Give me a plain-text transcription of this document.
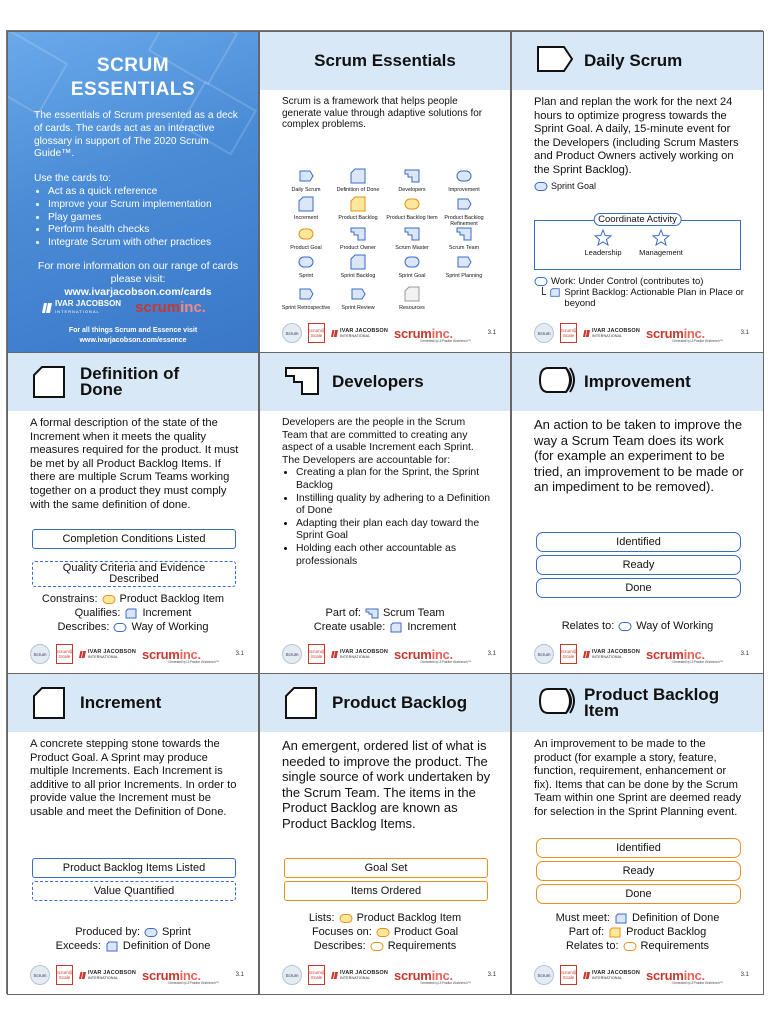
SCRUM
ESSENTIALS
The essentials of Scrum presented as a deck of cards. The cards act as an interactive glossary in support of The 2020 Scrum Guide™.
Use the cards to:
• Act as a quick reference
• Improve your Scrum implementation
• Play games
• Perform health checks
• Integrate Scrum with other practices
For more information on our range of cards please visit:
www.ivarjacobson.com/cards
IVAR JACOBSON
INTERNATIONAL	scruminc.
For all things Scrum and Essence visit
www.ivarjacobson.com/essence
Scrum Essentials
Scrum is a framework that helps people generate value through adaptive solutions for complex problems.
Daily Scrum	Definition of Done	Developers	Improvement
Increment	Product Backlog	Product Backlog Item	Product Backlog Refinement
Product Goal	Product Owner	Scrum Master	Scrum Team
Sprint	Sprint Backlog	Sprint Goal	Sprint Planning
Sprint Retrospective	Sprint Review	Resources
Scrum	Scrum@ Scale
IVAR JACOBSON
INTERNATIONAL	scruminc.
Generated by IJI Practice Workbench™
3.1
Daily Scrum
Plan and replan the work for the next 24 hours to optimize progress towards the Sprint Goal. A daily, 15-minute event for the Developers (including Scrum Masters and Product Owners actively working on the Sprint Backlog).
Sprint Goal
Coordinate Activity
Leadership	Management
Work: Under Control (contributes to)
Sprint Backlog: Actionable Plan in Place or beyond
Scrum	Scrum@ Scale
IVAR JACOBSON
INTERNATIONAL	scruminc.
Generated by IJI Practice Workbench™
3.1
Definition of
Done
A formal description of the state of the Increment when it meets the quality measures required for the product. It must be met by all Product Backlog Items. If there are multiple Scrum Teams working together on a product they must comply with the same definition of done.
Completion Conditions Listed
Quality Criteria and Evidence Described
Constrains: Product Backlog Item
Qualifies: Increment
Describes: Way of Working
Scrum	Scrum@ Scale
IVAR JACOBSON
INTERNATIONAL	scruminc.
Generated by IJI Practice Workbench™
3.1
Developers
Developers are the people in the Scrum Team that are committed to creating any aspect of a usable Increment each Sprint. The Developers are accountable for:
• Creating a plan for the Sprint, the Sprint Backlog
• Instilling quality by adhering to a Definition of Done
• Adapting their plan each day toward the Sprint Goal
• Holding each other accountable as professionals
Part of: Scrum Team
Create usable: Increment
Scrum	Scrum@ Scale
IVAR JACOBSON
INTERNATIONAL	scruminc.
Generated by IJI Practice Workbench™
3.1
Improvement
An action to be taken to improve the way a Scrum Team does its work (for example an experiment to be tried, an improvement to be made or an impediment to be removed).
Identified
Ready
Done
Relates to: Way of Working
Scrum	Scrum@ Scale
IVAR JACOBSON
INTERNATIONAL	scruminc.
Generated by IJI Practice Workbench™
3.1
Increment
A concrete stepping stone towards the Product Goal. A Sprint may produce multiple Increments. Each Increment is additive to all prior Increments. In order to provide value the Increment must be usable and meet the Definition of Done.
Product Backlog Items Listed
Value Quantified
Produced by: Sprint
Exceeds: Definition of Done
Scrum	Scrum@ Scale
IVAR JACOBSON
INTERNATIONAL	scruminc.
Generated by IJI Practice Workbench™
3.1
Product Backlog
An emergent, ordered list of what is needed to improve the product. The single source of work undertaken by the Scrum Team. The items in the Product Backlog are known as Product Backlog Items.
Goal Set
Items Ordered
Lists: Product Backlog Item
Focuses on: Product Goal
Describes: Requirements
Scrum	Scrum@ Scale
IVAR JACOBSON
INTERNATIONAL	scruminc.
Generated by IJI Practice Workbench™
3.1
Product Backlog
Item
An improvement to be made to the product (for example a story, feature, function, requirement, enhancement or fix). Items that can be done by the Scrum Team within one Sprint are deemed ready for selection in the Sprint Planning event.
Identified
Ready
Done
Must meet: Definition of Done
Part of: Product Backlog
Relates to: Requirements
Scrum	Scrum@ Scale
IVAR JACOBSON
INTERNATIONAL	scruminc.
Generated by IJI Practice Workbench™
3.1
